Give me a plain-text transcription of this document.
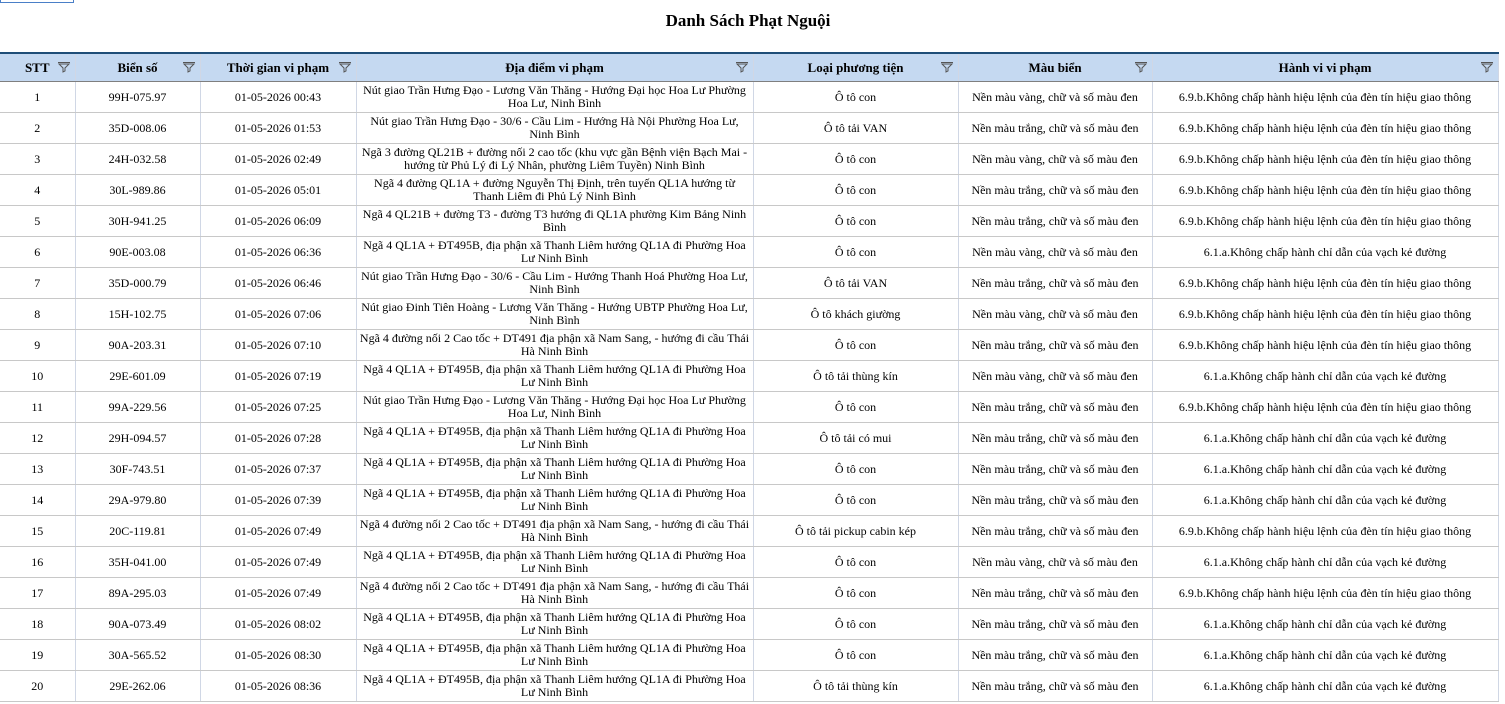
Danh Sách Phạt Nguội
STT	Biển số	Thời gian vi phạm	Địa điểm vi phạm	Loại phương tiện	Màu biển	Hành vi vi phạm

1	99H-075.97	01-05-2026 00:43	Nút giao Trần Hưng Đạo - Lương Văn Thăng - Hướng Đại học Hoa Lư Phường Hoa Lư, Ninh Bình	Ô tô con	Nền màu vàng, chữ và số màu đen	6.9.b.Không chấp hành hiệu lệnh của đèn tín hiệu giao thông
2	35D-008.06	01-05-2026 01:53	Nút giao Trần Hưng Đạo - 30/6 - Cầu Lim - Hướng Hà Nội Phường Hoa Lư, Ninh Bình	Ô tô tải VAN	Nền màu trắng, chữ và số màu đen	6.9.b.Không chấp hành hiệu lệnh của đèn tín hiệu giao thông
3	24H-032.58	01-05-2026 02:49	Ngã 3 đường QL21B + đường nối 2 cao tốc (khu vực gần Bệnh viện Bạch Mai - hướng từ Phủ Lý đi Lý Nhân, phường Liêm Tuyền) Ninh Bình	Ô tô con	Nền màu vàng, chữ và số màu đen	6.9.b.Không chấp hành hiệu lệnh của đèn tín hiệu giao thông
4	30L-989.86	01-05-2026 05:01	Ngã 4 đường QL1A + đường Nguyễn Thị Định, trên tuyến QL1A hướng từ Thanh Liêm đi Phủ Lý Ninh Bình	Ô tô con	Nền màu trắng, chữ và số màu đen	6.9.b.Không chấp hành hiệu lệnh của đèn tín hiệu giao thông
5	30H-941.25	01-05-2026 06:09	Ngã 4 QL21B + đường T3 - đường T3 hướng đi QL1A phường Kim Bảng Ninh Bình	Ô tô con	Nền màu trắng, chữ và số màu đen	6.9.b.Không chấp hành hiệu lệnh của đèn tín hiệu giao thông
6	90E-003.08	01-05-2026 06:36	Ngã 4 QL1A + ĐT495B, địa phận xã Thanh Liêm hướng QL1A đi Phường Hoa Lư Ninh Bình	Ô tô con	Nền màu vàng, chữ và số màu đen	6.1.a.Không chấp hành chỉ dẫn của vạch kẻ đường
7	35D-000.79	01-05-2026 06:46	Nút giao Trần Hưng Đạo - 30/6 - Cầu Lim - Hướng Thanh Hoá Phường Hoa Lư, Ninh Bình	Ô tô tải VAN	Nền màu trắng, chữ và số màu đen	6.9.b.Không chấp hành hiệu lệnh của đèn tín hiệu giao thông
8	15H-102.75	01-05-2026 07:06	Nút giao Đinh Tiên Hoàng - Lương Văn Thăng - Hướng UBTP Phường Hoa Lư, Ninh Bình	Ô tô khách giường	Nền màu vàng, chữ và số màu đen	6.9.b.Không chấp hành hiệu lệnh của đèn tín hiệu giao thông
9	90A-203.31	01-05-2026 07:10	Ngã 4 đường nối 2 Cao tốc + DT491 địa phận xã Nam Sang, - hướng đi cầu Thái Hà Ninh Bình	Ô tô con	Nền màu trắng, chữ và số màu đen	6.9.b.Không chấp hành hiệu lệnh của đèn tín hiệu giao thông
10	29E-601.09	01-05-2026 07:19	Ngã 4 QL1A + ĐT495B, địa phận xã Thanh Liêm hướng QL1A đi Phường Hoa Lư Ninh Bình	Ô tô tải thùng kín	Nền màu vàng, chữ và số màu đen	6.1.a.Không chấp hành chỉ dẫn của vạch kẻ đường
11	99A-229.56	01-05-2026 07:25	Nút giao Trần Hưng Đạo - Lương Văn Thăng - Hướng Đại học Hoa Lư Phường Hoa Lư, Ninh Bình	Ô tô con	Nền màu trắng, chữ và số màu đen	6.9.b.Không chấp hành hiệu lệnh của đèn tín hiệu giao thông
12	29H-094.57	01-05-2026 07:28	Ngã 4 QL1A + ĐT495B, địa phận xã Thanh Liêm hướng QL1A đi Phường Hoa Lư Ninh Bình	Ô tô tải có mui	Nền màu trắng, chữ và số màu đen	6.1.a.Không chấp hành chỉ dẫn của vạch kẻ đường
13	30F-743.51	01-05-2026 07:37	Ngã 4 QL1A + ĐT495B, địa phận xã Thanh Liêm hướng QL1A đi Phường Hoa Lư Ninh Bình	Ô tô con	Nền màu trắng, chữ và số màu đen	6.1.a.Không chấp hành chỉ dẫn của vạch kẻ đường
14	29A-979.80	01-05-2026 07:39	Ngã 4 QL1A + ĐT495B, địa phận xã Thanh Liêm hướng QL1A đi Phường Hoa Lư Ninh Bình	Ô tô con	Nền màu trắng, chữ và số màu đen	6.1.a.Không chấp hành chỉ dẫn của vạch kẻ đường
15	20C-119.81	01-05-2026 07:49	Ngã 4 đường nối 2 Cao tốc + DT491 địa phận xã Nam Sang, - hướng đi cầu Thái Hà Ninh Bình	Ô tô tải pickup cabin kép	Nền màu trắng, chữ và số màu đen	6.9.b.Không chấp hành hiệu lệnh của đèn tín hiệu giao thông
16	35H-041.00	01-05-2026 07:49	Ngã 4 QL1A + ĐT495B, địa phận xã Thanh Liêm hướng QL1A đi Phường Hoa Lư Ninh Bình	Ô tô con	Nền màu vàng, chữ và số màu đen	6.1.a.Không chấp hành chỉ dẫn của vạch kẻ đường
17	89A-295.03	01-05-2026 07:49	Ngã 4 đường nối 2 Cao tốc + DT491 địa phận xã Nam Sang, - hướng đi cầu Thái Hà Ninh Bình	Ô tô con	Nền màu trắng, chữ và số màu đen	6.9.b.Không chấp hành hiệu lệnh của đèn tín hiệu giao thông
18	90A-073.49	01-05-2026 08:02	Ngã 4 QL1A + ĐT495B, địa phận xã Thanh Liêm hướng QL1A đi Phường Hoa Lư Ninh Bình	Ô tô con	Nền màu trắng, chữ và số màu đen	6.1.a.Không chấp hành chỉ dẫn của vạch kẻ đường
19	30A-565.52	01-05-2026 08:30	Ngã 4 QL1A + ĐT495B, địa phận xã Thanh Liêm hướng QL1A đi Phường Hoa Lư Ninh Bình	Ô tô con	Nền màu trắng, chữ và số màu đen	6.1.a.Không chấp hành chỉ dẫn của vạch kẻ đường
20	29E-262.06	01-05-2026 08:36	Ngã 4 QL1A + ĐT495B, địa phận xã Thanh Liêm hướng QL1A đi Phường Hoa Lư Ninh Bình	Ô tô tải thùng kín	Nền màu trắng, chữ và số màu đen	6.1.a.Không chấp hành chỉ dẫn của vạch kẻ đường
